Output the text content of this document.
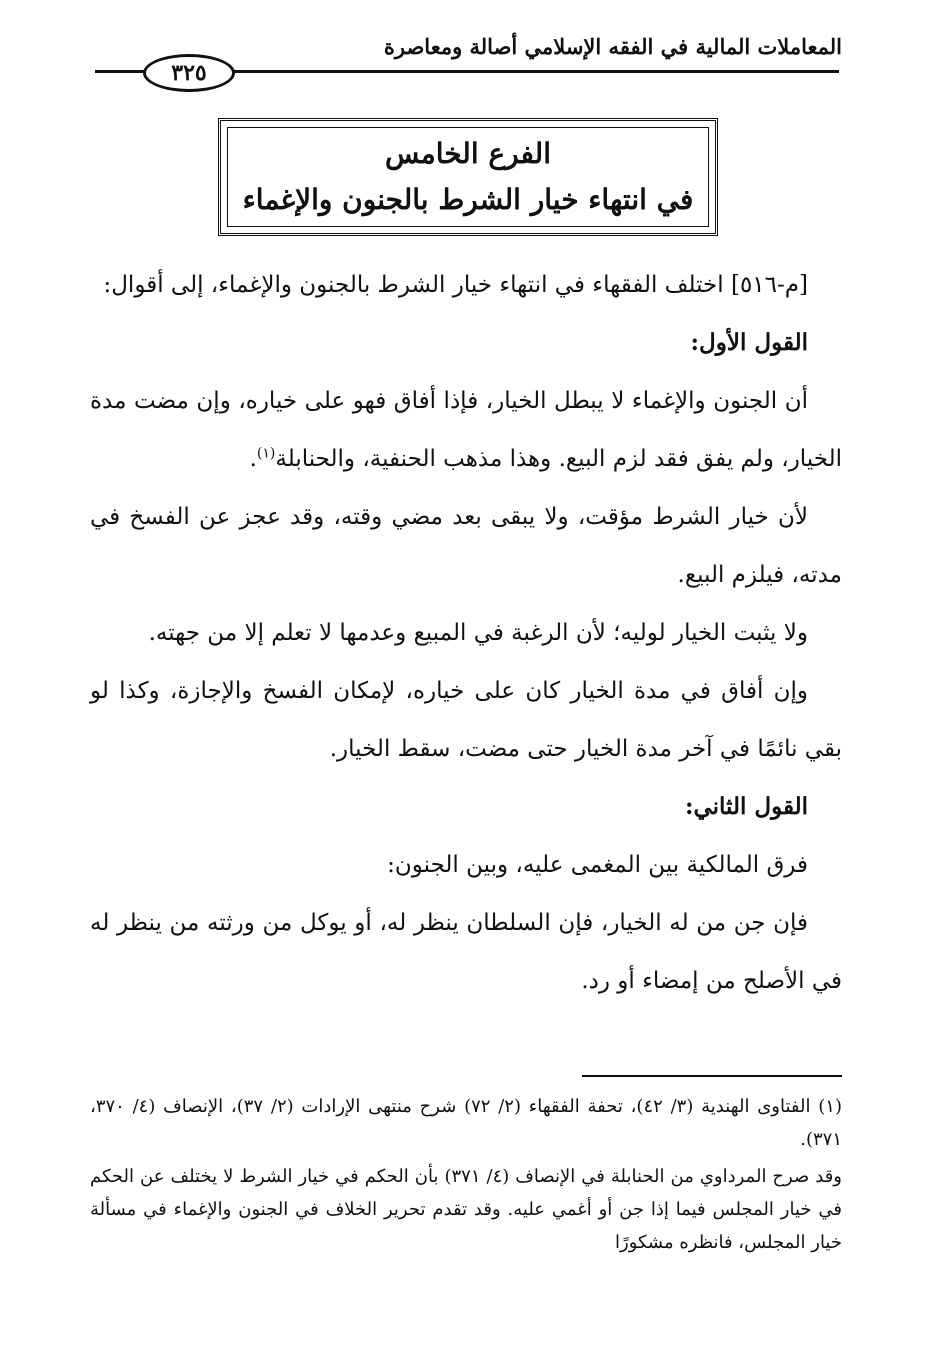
المعاملات المالية في الفقه الإسلامي أصالة ومعاصرة
٣٢٥
الفرع الخامس
في انتهاء خيار الشرط بالجنون والإغماء

[م-٥١٦] اختلف الفقهاء في انتهاء خيار الشرط بالجنون والإغماء، إلى أقوال:

القول الأول:

أن الجنون والإغماء لا يبطل الخيار، فإذا أفاق فهو على خياره، وإن مضت مدة الخيار، ولم يفق فقد لزم البيع. وهذا مذهب الحنفية، والحنابلة$^{(١)}$.

لأن خيار الشرط مؤقت، ولا يبقى بعد مضي وقته، وقد عجز عن الفسخ في مدته، فيلزم البيع.

ولا يثبت الخيار لوليه؛ لأن الرغبة في المبيع وعدمها لا تعلم إلا من جهته.

وإن أفاق في مدة الخيار كان على خياره، لإمكان الفسخ والإجازة، وكذا لو بقي نائمًا في آخر مدة الخيار حتى مضت، سقط الخيار.

القول الثاني:

فرق المالكية بين المغمى عليه، وبين الجنون:

فإن جن من له الخيار، فإن السلطان ينظر له، أو يوكل من ورثته من ينظر له في الأصلح من إمضاء أو رد.

(١) الفتاوى الهندية (٣/ ٤٢)، تحفة الفقهاء (٢/ ٧٢) شرح منتهى الإرادات (٢/ ٣٧)، الإنصاف (٤/ ٣٧٠، ٣٧١).

وقد صرح المرداوي من الحنابلة في الإنصاف (٤/ ٣٧١) بأن الحكم في خيار الشرط لا يختلف عن الحكم في خيار المجلس فيما إذا جن أو أغمي عليه. وقد تقدم تحرير الخلاف في الجنون والإغماء في مسألة خيار المجلس، فانظره مشكورًا
